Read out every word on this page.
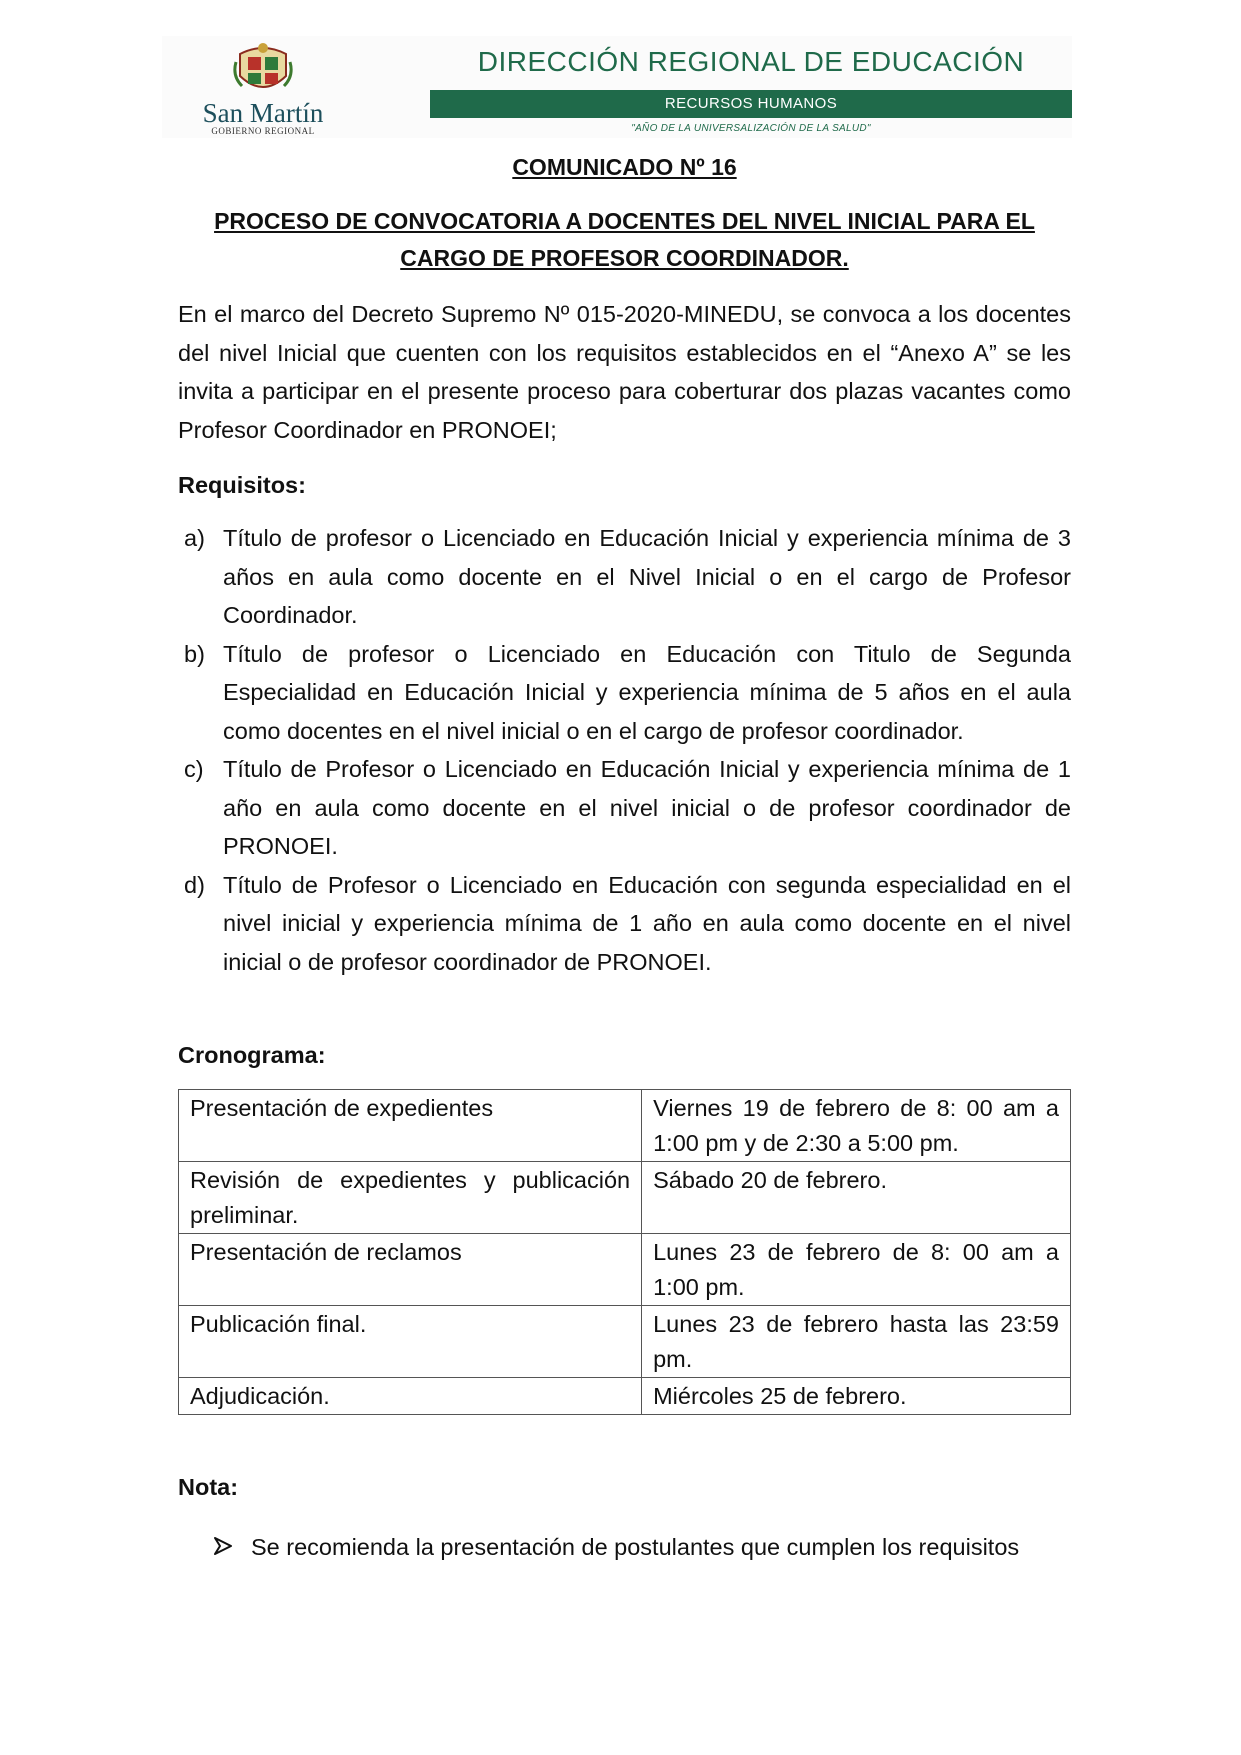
San Martín
GOBIERNO REGIONAL
DIRECCIÓN REGIONAL DE EDUCACIÓN
RECURSOS HUMANOS
"AÑO DE LA UNIVERSALIZACIÓN DE LA SALUD"
COMUNICADO Nº 16
PROCESO DE CONVOCATORIA A DOCENTES DEL NIVEL INICIAL PARA EL
CARGO DE PROFESOR COORDINADOR.
En el marco del Decreto Supremo Nº 015-2020-MINEDU, se convoca a los docentes del nivel Inicial que cuenten con los requisitos establecidos en el “Anexo A” se les invita a participar en el presente proceso para coberturar dos plazas vacantes como Profesor Coordinador en PRONOEI;
Requisitos:
a) Título de profesor o Licenciado en Educación Inicial y experiencia mínima de 3 años en aula como docente en el Nivel Inicial o en el cargo de Profesor Coordinador.
b) Título de profesor o Licenciado en Educación con Titulo de Segunda Especialidad en Educación Inicial y experiencia mínima de 5 años en el aula como docentes en el nivel inicial o en el cargo de profesor coordinador.
c) Título de Profesor o Licenciado en Educación Inicial y experiencia mínima de 1 año en aula como docente en el nivel inicial o de profesor coordinador de PRONOEI.
d) Título de Profesor o Licenciado en Educación con segunda especialidad en el nivel inicial y experiencia mínima de 1 año en aula como docente en el nivel inicial o de profesor coordinador de PRONOEI.
Cronograma:
Presentación de expedientes	Viernes 19 de febrero de 8: 00 am a 1:00 pm y de 2:30 a 5:00 pm.
Revisión de expedientes y publicación preliminar.	Sábado 20 de febrero.
Presentación de reclamos	Lunes 23 de febrero de 8: 00 am a 1:00 pm.
Publicación final.	Lunes 23 de febrero hasta las 23:59 pm.
Adjudicación.	Miércoles 25 de febrero.
Nota:
Se recomienda la presentación de postulantes que cumplen los requisitos
